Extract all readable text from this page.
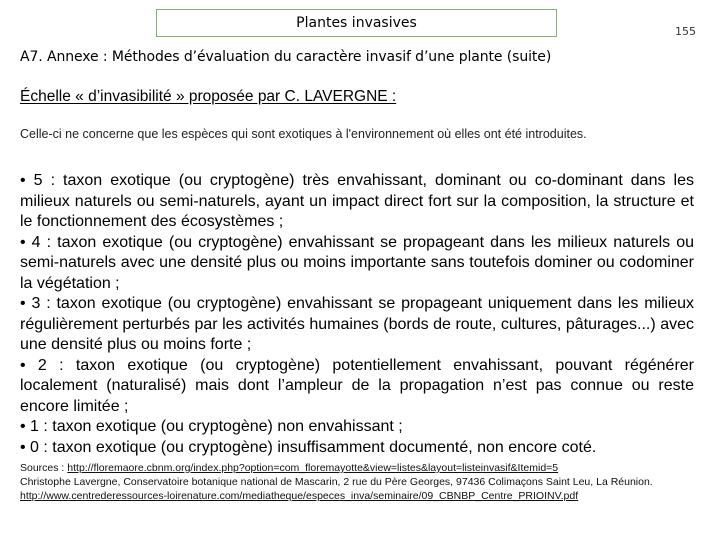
Plantes invasives
155
A7. Annexe : Méthodes d’évaluation du caractère invasif d’une plante (suite)
Échelle « d’invasibilité » proposée par C. LAVERGNE :
Celle-ci ne concerne que les espèces qui sont exotiques à l'environnement où elles ont été introduites.
• 5 : taxon exotique (ou cryptogène) très envahissant, dominant ou co-dominant dans les milieux naturels ou semi-naturels, ayant un impact direct fort sur la composition, la structure et le fonctionnement des écosystèmes ;
• 4 : taxon exotique (ou cryptogène) envahissant se propageant dans les milieux naturels ou semi-naturels avec une densité plus ou moins importante sans toutefois dominer ou codominer la végétation ;
• 3 : taxon exotique (ou cryptogène) envahissant se propageant uniquement dans les milieux régulièrement perturbés par les activités humaines (bords de route, cultures, pâturages...) avec une densité plus ou moins forte ;
• 2 : taxon exotique (ou cryptogène) potentiellement envahissant, pouvant régénérer localement (naturalisé) mais dont l’ampleur de la propagation n’est pas connue ou reste encore limitée ;
• 1 : taxon exotique (ou cryptogène) non envahissant ;
• 0 : taxon exotique (ou cryptogène) insuffisamment documenté, non encore coté.
Sources : http://floremaore.cbnm.org/index.php?option=com_floremayotte&view=listes&layout=listeinvasif&Itemid=5
Christophe Lavergne, Conservatoire botanique national de Mascarin, 2 rue du Père Georges, 97436 Colimaçons Saint Leu, La Réunion. http://www.centrederessources-loirenature.com/mediatheque/especes_inva/seminaire/09_CBNBP_Centre_PRIOINV.pdf
